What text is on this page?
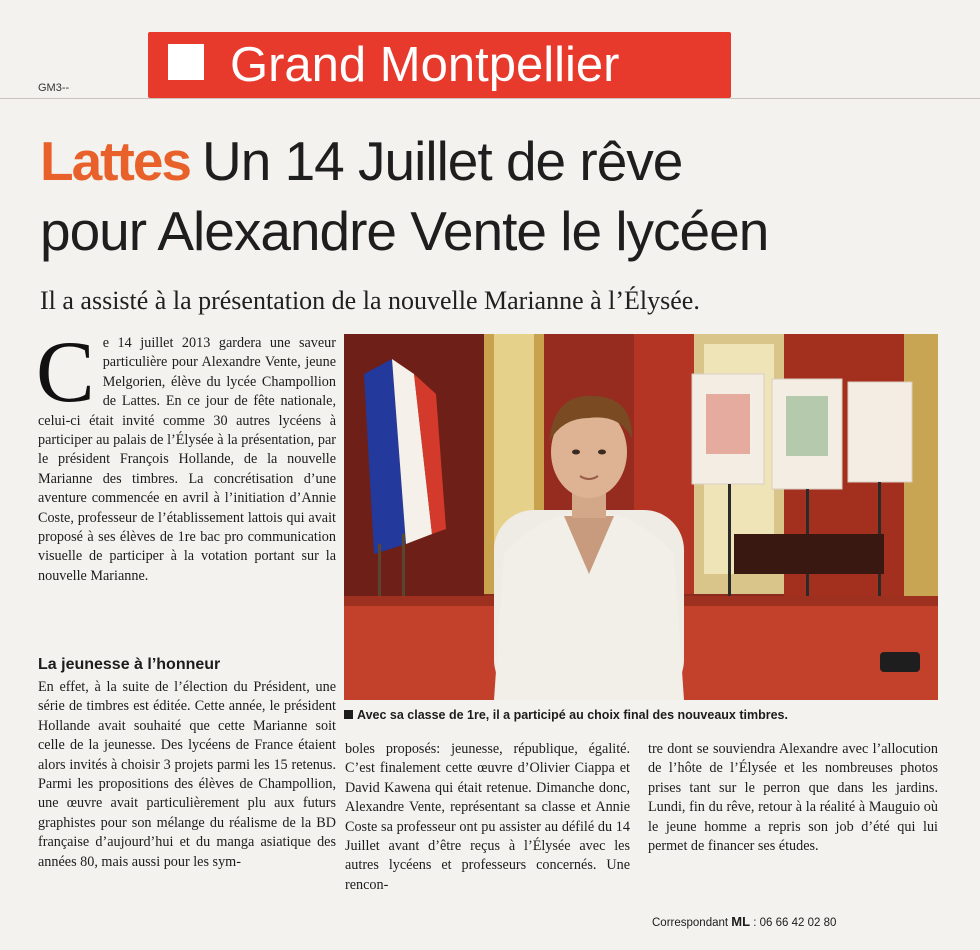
Grand Montpellier
GM3--
Lattes Un 14 Juillet de rêve
pour Alexandre Vente le lycéen
Il a assisté à la présentation de la nouvelle Marianne à l’Élysée.
C e 14 juillet 2013 gardera une saveur particulière pour Alexandre Vente, jeune Melgorien, élève du lycée Champollion de Lattes. En ce jour de fête nationale, celui-ci était invité comme 30 autres lycéens à participer au palais de l’Élysée à la présentation, par le président François Hollande, de la nouvelle Marianne des timbres. La concrétisation d’une aventure commencée en avril à l’initiation d’Annie Coste, professeur de l’établissement lattois qui avait proposé à ses élèves de 1re bac pro communication visuelle de participer à la votation portant sur la nouvelle Marianne.

La jeunesse à l’honneur

En effet, à la suite de l’élection du Président, une série de timbres est éditée. Cette année, le président Hollande avait souhaité que cette Marianne soit celle de la jeunesse. Des lycéens de France étaient alors invités à choisir 3 projets parmi les 15 retenus. Parmi les propositions des élèves de Champollion, une œuvre avait particulièrement plu aux futurs graphistes pour son mélange du réalisme de la BD française d’aujourd’hui et du manga asiatique des années 80, mais aussi pour les sym-

boles proposés: jeunesse, république, égalité. C’est finalement cette œuvre d’Olivier Ciappa et David Kawena qui était retenue. Dimanche donc, Alexandre Vente, représentant sa classe et Annie Coste sa professeur ont pu assister au défilé du 14 Juillet avant d’être reçus à l’Élysée avec les autres lycéens et professeurs concernés. Une rencon-

tre dont se souviendra Alexandre avec l’allocution de l’hôte de l’Élysée et les nombreuses photos prises tant sur le perron que dans les jardins. Lundi, fin du rêve, retour à la réalité à Mauguio où le jeune homme a repris son job d’été qui lui permet de financer ses études.

Correspondant ML : 06 66 42 02 80
Avec sa classe de 1re, il a participé au choix final des nouveaux timbres.
